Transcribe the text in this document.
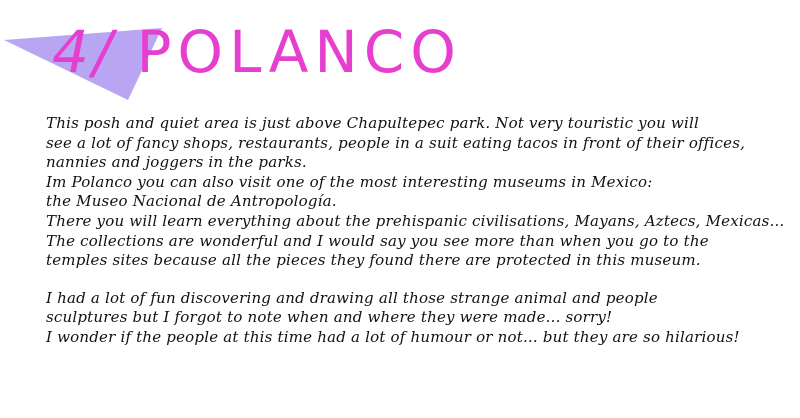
4/ POLANCO
This posh and quiet area is just above Chapultepec park. Not very touristic you will
see a lot of fancy shops, restaurants, people in a suit eating tacos in front of their offices,
nannies and joggers in the parks.
Im Polanco you can also visit one of the most interesting museums in Mexico:
the Museo Nacional de Antropología.
There you will learn everything about the prehispanic civilisations, Mayans, Aztecs, Mexicas...
The collections are wonderful and I would say you see more than when you go to the
temples sites because all the pieces they found there are protected in this museum.
I had a lot of fun discovering and drawing all those strange animal and people
sculptures but I forgot to note when and where they were made... sorry!
I wonder if the people at this time had a lot of humour or not... but they are so hilarious!
